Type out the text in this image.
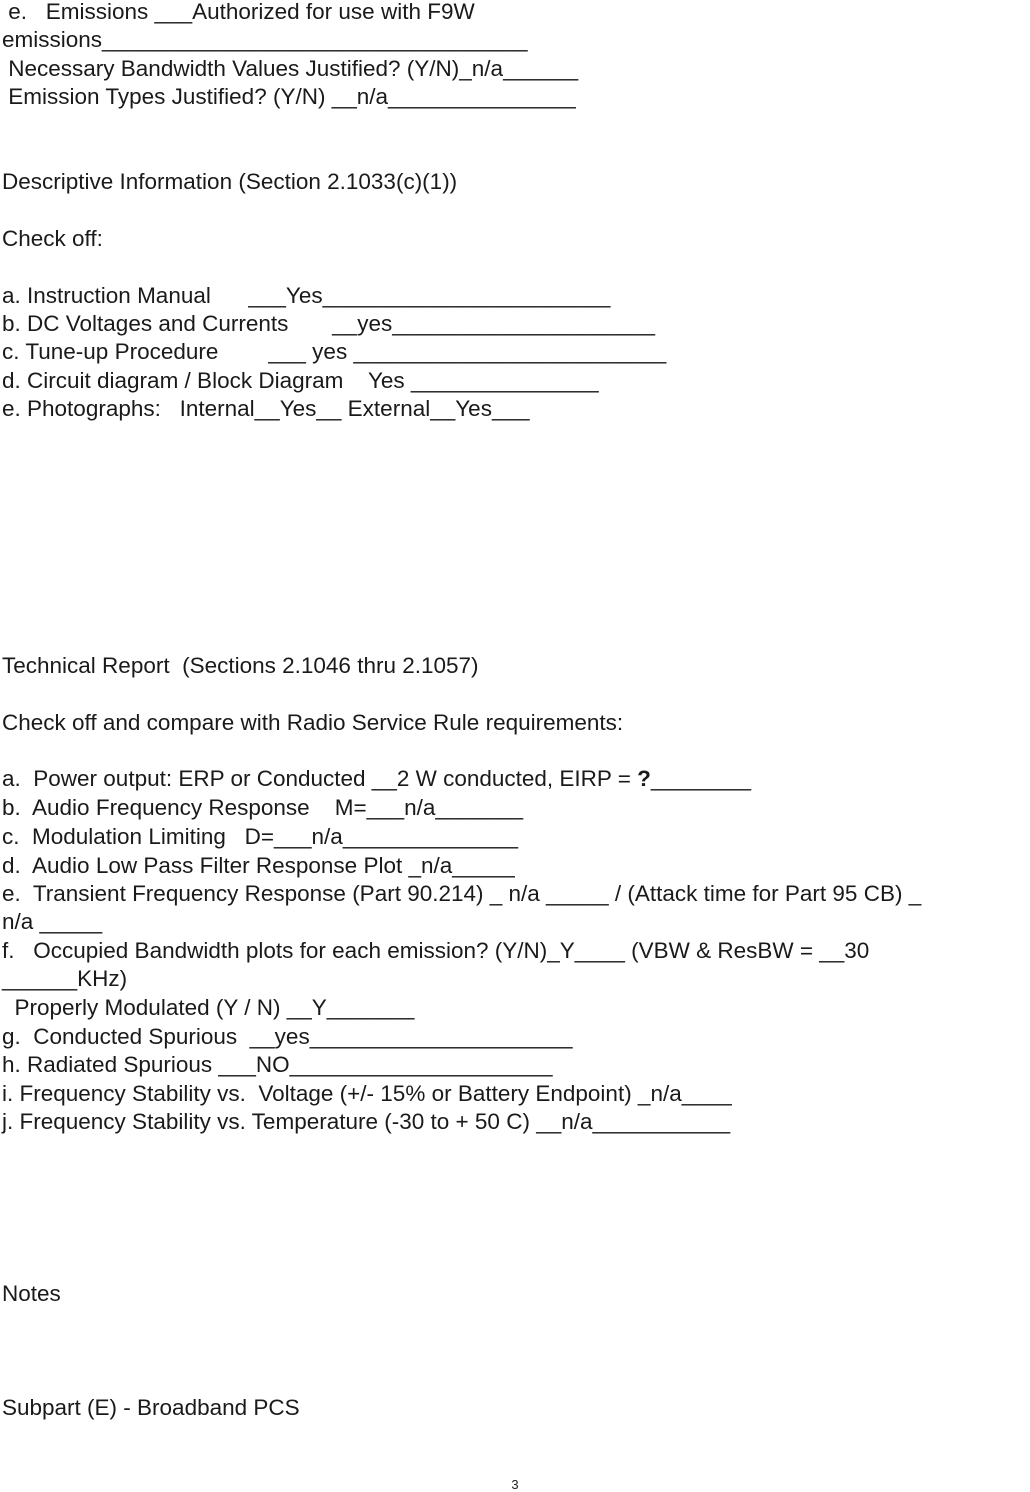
e.   Emissions ___Authorized for use with F9W
emissions__________________________________
Necessary Bandwidth Values Justified? (Y/N)_n/a______
Emission Types Justified? (Y/N) __n/a_______________
Descriptive Information (Section 2.1033(c)(1))
Check off:
a. Instruction Manual      ___Yes_______________________
b. DC Voltages and Currents       __yes_____________________
c. Tune-up Procedure        ___ yes _________________________
d. Circuit diagram / Block Diagram    Yes _______________
e. Photographs:   Internal__Yes__ External__Yes___
Technical Report  (Sections 2.1046 thru 2.1057)
Check off and compare with Radio Service Rule requirements:
a.  Power output: ERP or Conducted __2 W conducted, EIRP = ?________
b.  Audio Frequency Response    M=___n/a_______
c.  Modulation Limiting   D=___n/a______________
d.  Audio Low Pass Filter Response Plot _n/a_____
e.  Transient Frequency Response (Part 90.214) _ n/a _____ / (Attack time for Part 95 CB) _
n/a _____
f.   Occupied Bandwidth plots for each emission? (Y/N)_Y____ (VBW & ResBW = __30
______KHz)
Properly Modulated (Y / N) __Y_______
g.  Conducted Spurious  __yes_____________________
h. Radiated Spurious ___NO_____________________
i. Frequency Stability vs.  Voltage (+/- 15% or Battery Endpoint) _n/a____
j. Frequency Stability vs. Temperature (-30 to + 50 C) __n/a___________
Notes
Subpart (E) - Broadband PCS
3
